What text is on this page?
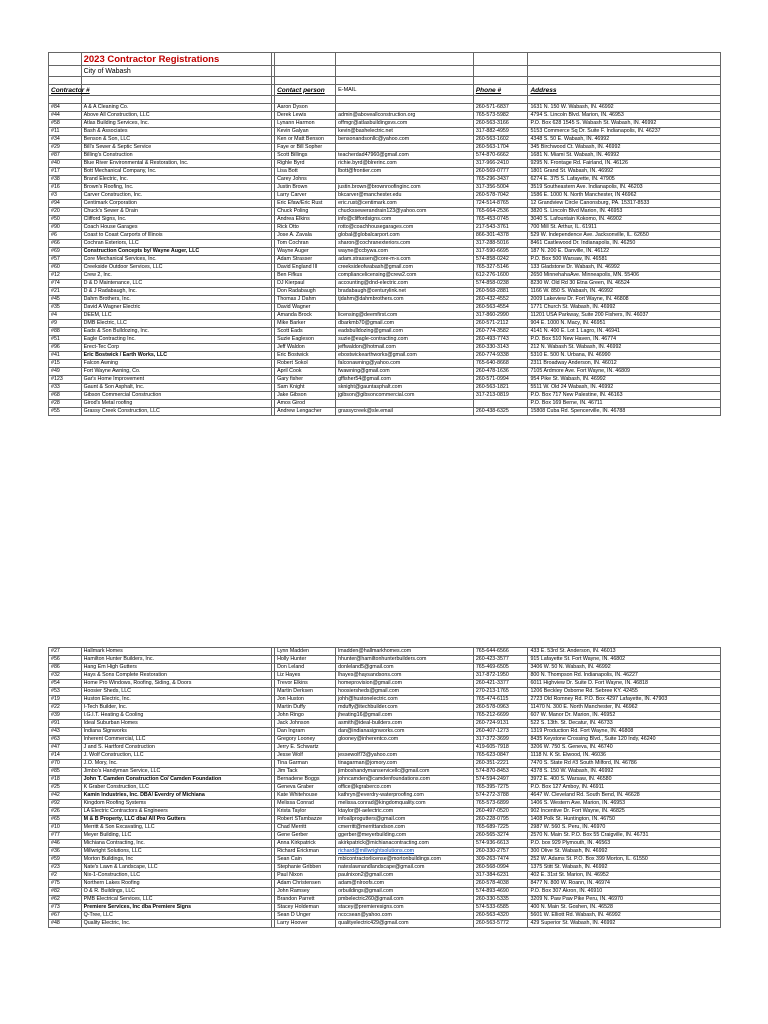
	2023 Contractor Registrations					
	City of Wabash					

Contractor #			Contact person	E-MAIL	Phone #	Address

#84	A & A Cleaning Co.		Aaron Dyson		260-571-6837	1631 N. 150 W. Wabash, IN. 46992
#44	Above All Construction, LLC		Derek Lewis	admin@aboveallconstruction.org	765-573-5982	4794 S. Lincoln Blvd. Marion, IN. 46953
#58	Atlas Building Services, Inc.		Lynann Harmon	offmgr@atlasbuildingsvs.com	260-563-3166	P.O. Box 628 1545 S. Wabash St. Wabash, IN. 46992
#11	Bash & Associates		Kevin Galyan	kevin@bashelectric.net	317-882-4959	5153 Commerce Sq Dr. Suite F. Indianapolis, IN. 46237
#34	Benson & Son, LLC		Ken or Matt Benson	bensonandsonllc@yahoo.com	260-563-1602	4348 S. 50 E. Wabash, IN. 46992
#29	Bill's Sewer & Septic Service		Faye or Bill Sopher		260-563-1704	345 Birchwood Ct. Wabash, IN. 46992
#87	Billing's Construction		Scott Billings	teacherdad47960@gmail.com	574-870-6662	1681 N. Miami St. Wabash, IN. 46992
#40	Blue River Environmental & Restoration, Inc.		Righle Byrd	richie.byrd@blrerinc.com	317-966-2410	9295 N. Frontage Rd. Fairland, IN. 46126
#17	Bott Mechanical Company, Inc.		Lisa Bott	lbott@frontier.com	260-569-0777	1801 Grand St. Wabash, IN. 46992
#38	Brand Electric, Inc.		Carey Johns		765-296-3437	6274 E. 375 S. Lafayette, IN. 47905
#16	Brown's Roofing, Inc.		Justin Brown	justin.brown@brownroofinginc.com	317-356-5004	3519 Southeastern Ave. Indianapolis, IN. 46203
#3	Carver Construction, Inc.		Larry Carver	bkcarver@manchester.edu	260-578-7042	1586 E. 1000 N. North Manchester, IN 46962
#94	Centimark Corporation		Eric Efaw/Eric Rust	eric.rust@centimark.com	724-514-8765	12 Grandview Circle Canonsburg, PA. 15317-8533
#20	Chuck's Sewer & Drain		Chuck Poling	chuckssewerandrain123@yahoo.com	765-664-2536	3820 S. Lincoln Blvd Marion, IN. 46953
#50	Clifford Signs, Inc.		Andrea Elkins	info@cliffordsigns.com	765-453-0745	3040 S. Lafountain Kokomo, IN. 46902
#90	Coach House Garages		Rick Otto	rotto@coachhousegarages.com	217-543-3761	700 Mill St. Arthur, IL. 61911
#6	Coast to Coast Carports of Illinois		Jose A. Zavala	global@globalcarport.com	866-301-4378	529 W. Independence Ave. Jacksonville, IL. 62650
#66	Cochran Exteriors, LLC		Tom Cochran	sharon@cochranexteriors.com	317-288-5016	8461 Castlewood Dr. Indianapolis, IN. 46250
#69	Construction Concepts by/ Wayne Auger, LLC		Wayne Auger	wayne@ccbywa.com	317-590-6695	187 N. 200 E. Danville, IN. 46122
#57	Core Mechanical Services, Inc.		Adam Strasser	adam.strassen@core-m-s.com	574-858-0242	P.O. Box 500 Warsaw, IN. 46581
#60	Creekside Outdoor Services, LLC		David England III	creeksideofwabash@gmail.com	765-327-5146	133 Gladstone Dr. Wabash, IN. 46992
#12	Crew 2, Inc.		Ben Fifkus	compliancelicensing@crew2.com	612-276-1600	2650 MinnehahaAve. Minneapolis, MN. 55406
#74	D & D Maintenance, LLC		DJ Kierpaul	accounting@dnd-electric.com	574-858-0238	8230 W. Old Rd 30 Etna Green, IN. 46524
#21	D & J Radabaugh, Inc.		Don Radabaugh	bradabaugh@centurylink.net	260-568-2881	1166 W. 850 S. Wabash, IN. 46992
#45	Dahm Brothers, Inc.		Thomas J Dahm	tjdahm@dahmbrothers.com	260-432-4552	2009 Lakeview Dr. Fort Wayne, IN. 46808
#35	David A Wagner Electric		David Wagner		260-563-4554	1771 Church St. Wabash, IN. 46992
#4	DEEM, LLC		Amanda Brock	licensing@deemfirst.com	317-860-2990	11201 USA Parkway, Suite 200 Fishers, IN. 46037
#9	DMB Electric, LLC		Mike Barker	dbarkmb70@gmail.com	260-571-2112	904 E. 1000 N. Macy, IN. 46951
#88	Eads & Son Bulldozing, Inc.		Scott Eads	eadsbulldozing@gmail.com	260-774-3582	4141 N. 400 E. Lot 1 Lagro, IN. 46941
#51	Eagle Contracting Inc.		Suzie Eagleson	suzie@eagle-contracting.com	260-493-7743	P.O. Box 510 New Haven, IN. 46774
#96	Erect-Tec Corp		Jeff Waldon	jeffwaldon@hotmail.com	260-330-3143	212 N. Wabash St. Wabash, IN. 46992
#41	Eric Bostwick / Earth Works, LLC		Eric Bostwick	ebostwickearthworks@gmail.com	260-774-9338	5310 E. 500 N. Urbana, IN. 46990
#15	Falcon Awning		Robert Sokol	falconawning@yahoo.com	765-640-8668	2311 Broadway Anderson, IN. 46012
#49	Fort Wayne Awning, Co.		April Cook	fwawning@gmail.com	260-478-1636	7105 Ardmore Ave. Fort Wayne, IN. 46809
#123	Gar's Home Improvement		Gary fisher	gffisher54@gmail.com	260-571-0994	954 Pike St. Wabash, IN. 46992
#33	Gaunt & Son Asphalt, Inc.		Sam Knight	sknight@gauntasphalt.com	260-563-1821	5511 W. Old 24 Wabash, IN. 46992
#68	Gibson Commercial Construction		Jake Gibson	jgibson@gibsoncommercial.com	317-213-0819	P.O. Box 717 New Palestine, IN. 46163
#28	Girod's Metal roofing		Amos Girod			P.O. Box 169 Berne, IN. 46711
#55	Grassy Creek Construction, LLC		Andrew Lengacher	grassycreek@sle.email	260-438-6325	15808 Cuba Rd. Spencerville, IN. 46788
#27	Hallmark Homes		Lynn Madden	lmadden@hallmarkhomes.com	765-644-6566	433 E. 53rd St. Anderson, IN. 46013
#56	Hamilton Hunter Builders, Inc.		Holly Hunter	hhunter@hamiltonhunterbuilders.com	260-423-3577	915 Lafayette St. Fort Wayne, IN. 46802
#86	Hang Em High Gutters		Don Leland	donleland5@gmail.com	765-469-6505	3406 W. 50 N. Wabash, IN. 46992
#32	Hays & Sons Complete Restoration		Liz Hayes	lhayes@haysandsons.com	317-872-1950	800 N. Thompson Rd. Indianapolis, IN. 46227
#54	Home Pro Windows, Roofing, Siding, & Doors		Trevor Elkins	homeprovision@gmail.com	260-421-3377	6011 Highview Dr. Suite D. Fort Wayne, IN. 46818
#53	Hoosier Sheds, LLC		Martin Derksen	hoosiersheds@gmail.com	270-213-1765	1206 Beckley Osborne Rd. Sebree KY. 42455
#19	Huston Electric, Inc.		Jon Huston	johh@hustonelectric.com	765-474-6115	2723 Old Romney Rd. P.O. Box 4297 Lafayette, IN. 47903
#22	I-Tech Builder, Inc.		Martin Duffy	mduffy@itechbuilder.com	260-578-0963	11470 N. 300 E. North Manchester, IN. 46962
#39	I.G.I.T. Heating & Cooling		John Ringo	jheating16@gmail.com	765-212-6699	607 W. Manor Dr. Marion, IN. 46952
#91	Ideal Suburban Homes		Jack Johnson	asmith@ideal-builders.com	260-724-9131	522 S. 13th. St. Decatur, IN. 46733
#43	Indiana Signworks		Dan Ingram	dan@indianasignworks.com	260-407-1273	1319 Production Rd. Fort Wayne, IN. 46808
#63	Inherent Commercial, LLC		Gregory Looney	glooney@inherentco.com	317-372-3699	8435 Keystone Crossing Blvd., Suite 120 Indy, 46240
#47	J and S. Hartford Construction		Jerry E. Schwartz		419-605-7918	3206 W. 750 S. Geneva, IN. 46740
#14	J. Wolf Construction, LLC		Jesse Wolf	jessewolf73@yahoo.com	765-623-0847	1118 N. K St. Elwood, IN. 46036
#70	J.O. Mory, Inc.		Tina Garman	tinagarman@jomory.com	260-351-2221	7470 S. State Rd #3 South Milford, IN. 46786
#85	Jimbo's Handyman Service, LLC		Jim Tack	jimboshandymanservicellc@gmail.com	574-870-8453	4378 S. 150 W. Wabash, IN. 46992
#18	John T. Camden Construction Co/ Camden Foundation		Bernadene Boggs	johncamden@camdenfoundations.com	574-594-2497	3972 E. 400 S. Warsaw, IN. 46580
#25	K Graber Construction, LLC		Geneva Graber	office@kgraberco.com	765-395-7275	P.O. Box 127 Amboy, IN. 46911
#42	Kamin Industries, Inc. DBA/ Everdry of Michiana		Kate Whitehouse	kathryn@everdry-waterproofing.com	574-272-3788	4647 W. Cleveland Rd. South Bend, IN. 46628
#92	Kingdom Roofing Systems		Melissa Conrad	melissa.conrad@kingdomquality.com	765-573-6899	1406 S. Western Ave. Marion, IN. 46953
#26	LA Electric Contractors & Engineers		Krista Taylor	ktaylor@l-aelectric.com	260-497-0520	902 Incentive Dr. Fort Wayne, IN. 46825
#65	M & B Property, LLC dba/ All Pro Gutters		Robert STambazze	infoallprogutters@gmail.com	260-228-0795	1408 Polk St. Huntington, IN. 46750
#10	Merritt & Son Excavating, LLC		Chad Merritt	cmerritt@merrittandson.com	765-689-7225	2987 W. 560 S. Peru, IN. 46970
#77	Meyer Building, LLC		Gene Gerber	ggerber@meyerbuilding.com	260-565-3274	2570 N. Main St. P.O. Box 55 Craigville, IN. 46731
#46	Michiana Contracting, Inc.		Anna Kirkpatrick	akirkpatrick@michianacontracting.com	574-936-6613	P.O. box 929 Plymouth, IN. 46563
#36	Millwright Solutions, LLC		Richard Erickman	richard@millwrightsolutions.com	260-330-2757	300 Olive St. Wabash, IN. 46992
#59	Morton Buildings, Inc		Sean Cain	mbicontractorlicense@mortonbuildings.com	309-263-7474	252 W. Adams St. P.O. Box 399 Morton, IL. 61550
#23	Nate's Lawn & Landscape, LLC		Stephanie Gribben	nateslawnandlandscape@gmail.com	260-568-0994	1375 Stitt St. Wabash, IN. 46992
#2	Nix-1-Construction, LLC		Paul Nixon	paulnixon2@gmail.com	317-384-6231	402 E. 31st St. Marion, IN. 46952
#75	Northern Lakes Roofing		Adam Christensen	adam@nlroofs.com	260-578-4038	8477 N. 800 W. Roann, IN. 46974
#82	O & R. Buildings, LLC		John Ramsey	orbuildings@gmail.com	574-893-4690	P.O. Box 307 Akron, IN. 46910
#62	PMB Electrical Services, LLC		Brandon Parrett	pmbelectric260@gmail.com	260-330-5335	3209 N. Paw Paw Pike Peru, IN. 46970
#73	Premiere Services, Inc dba Premiere Signs		Stacey Holdeman	stacey@premieresigns.com	574-533-6585	400 N. Main St. Goshen, IN. 46528
#67	Q-Tree, LLC		Sean D Unger	ncccsean@yahoo.com	260-563-4320	5601 W. Elliott Rd. Wabash, IN. 46992
#48	Quality Electric, Inc.		Larry Hoover	qualityelectric429@gmail.com	260-563-5772	429 Superior St. Wabash, IN. 46992
